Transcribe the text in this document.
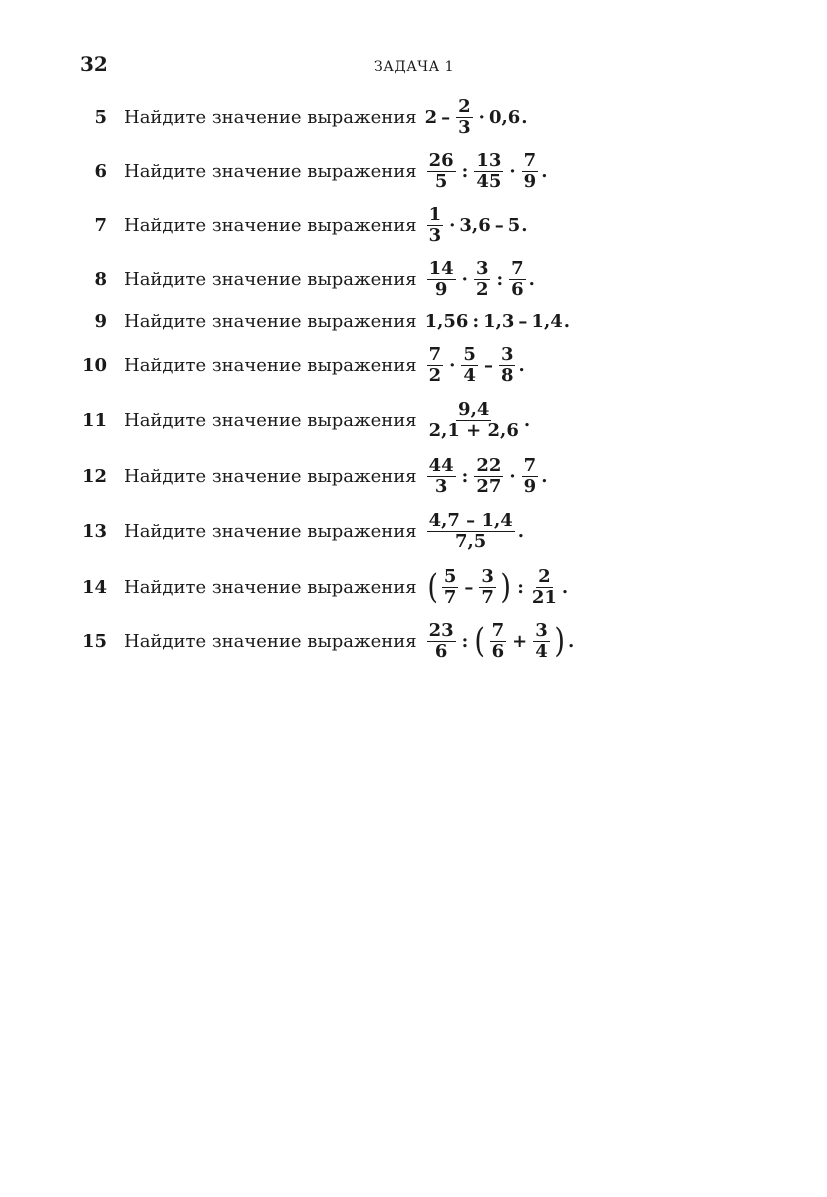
32	ЗАДАЧА 1
5 Найдите значение выражения $2 - \frac{2}{3} \cdot 0,6$ .
6 Найдите значение выражения $\frac{26}{5}$ : $\frac{13}{45} \cdot \frac{7}{9}$ .
7 Найдите значение выражения $\frac{1}{3} \cdot 3,6 - 5$ .
8 Найдите значение выражения $\frac{14}{9} \cdot \frac{3}{2}$ : $\frac{7}{6}$ .
9 Найдите значение выражения 1,56 : 1,3 – 1,4 .
10 Найдите значение выражения $\frac{7}{2} \cdot \frac{5}{4} - \frac{3}{8}$ .
11 Найдите значение выражения $\frac{9,4}{2,1 + 2,6}$ .
12 Найдите значение выражения $\frac{44}{3}$ : $\frac{22}{27} \cdot \frac{7}{9}$ .
13 Найдите значение выражения $\frac{4,7 - 1,4}{7,5}$ .
14 Найдите значение выражения ( $\frac{5}{7} - \frac{3}{7}$ ) : $\frac{2}{21}$ .
15 Найдите значение выражения $\frac{23}{6}$ : ( $\frac{7}{6} + \frac{3}{4}$ ) .
